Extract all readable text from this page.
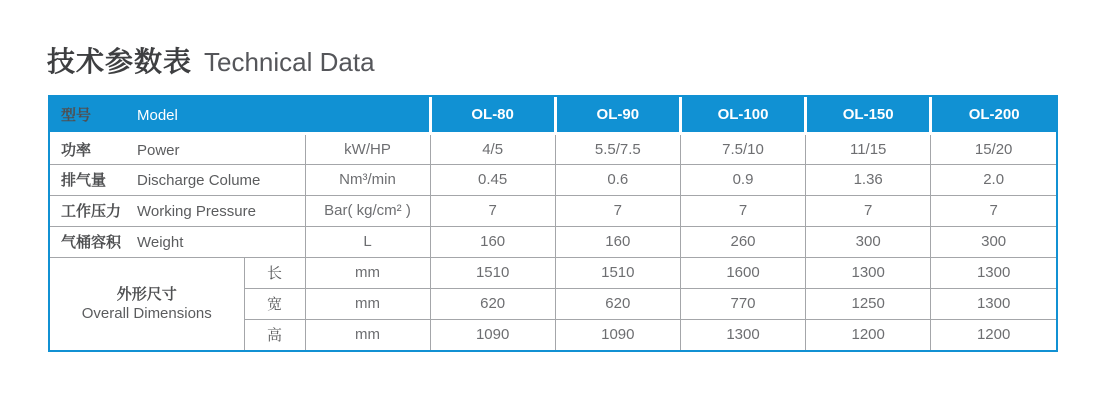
技术参数表 Technical Data
型号 Model			OL-80	OL-90	OL-100	OL-150	OL-200
功率 Power		kW/HP	4/5	5.5/7.5	7.5/10	11/15	15/20
排气量 Discharge Colume		Nm³/min	0.45	0.6	0.9	1.36	2.0
工作压力 Working Pressure		Bar( kg/cm² )	7	7	7	7	7
气桶容积 Weight		L	160	160	260	300	300

外形尺寸
Overall Dimensions	长	mm	1510	1510	1600	1300	1300
	宽	mm	620	620	770	1250	1300
	高	mm	1090	1090	1300	1200	1200
